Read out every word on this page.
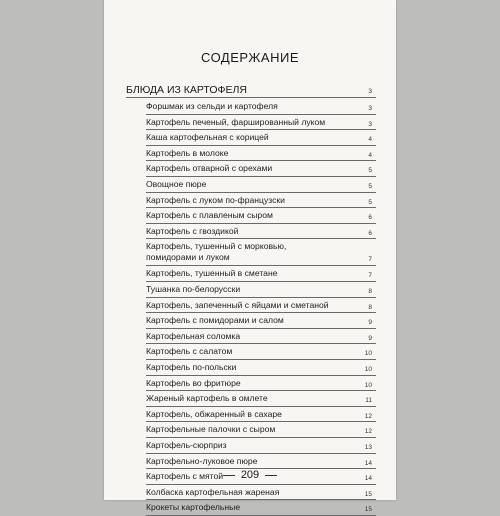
СОДЕРЖАНИЕ
БЛЮДА ИЗ КАРТОФЕЛЯ	3
Форшмак из сельди и картофеля	3
Картофель печеный, фаршированный луком	3
Каша картофельная с корицей	4
Картофель в молоке	4
Картофель отварной с орехами	5
Овощное пюре	5
Картофель с луком по-французски	5
Картофель с плавленым сыром	6
Картофель с гвоздикой	6
Картофель, тушенный с морковью,
помидорами и луком	7
Картофель, тушенный в сметане	7
Тушанка по-белорусски	8
Картофель, запеченный с яйцами и сметаной	8
Картофель с помидорами и салом	9
Картофельная соломка	9
Картофель с салатом	10
Картофель по-польски	10
Картофель во фритюре	10
Жареный картофель в омлете	11
Картофель, обжаренный в сахаре	12
Картофельные палочки с сыром	12
Картофель-сюрприз	13
Картофельно-луковое пюре	14
Картофель с мятой	14
Колбаска картофельная жареная	15
Крокеты картофельные	15
209
